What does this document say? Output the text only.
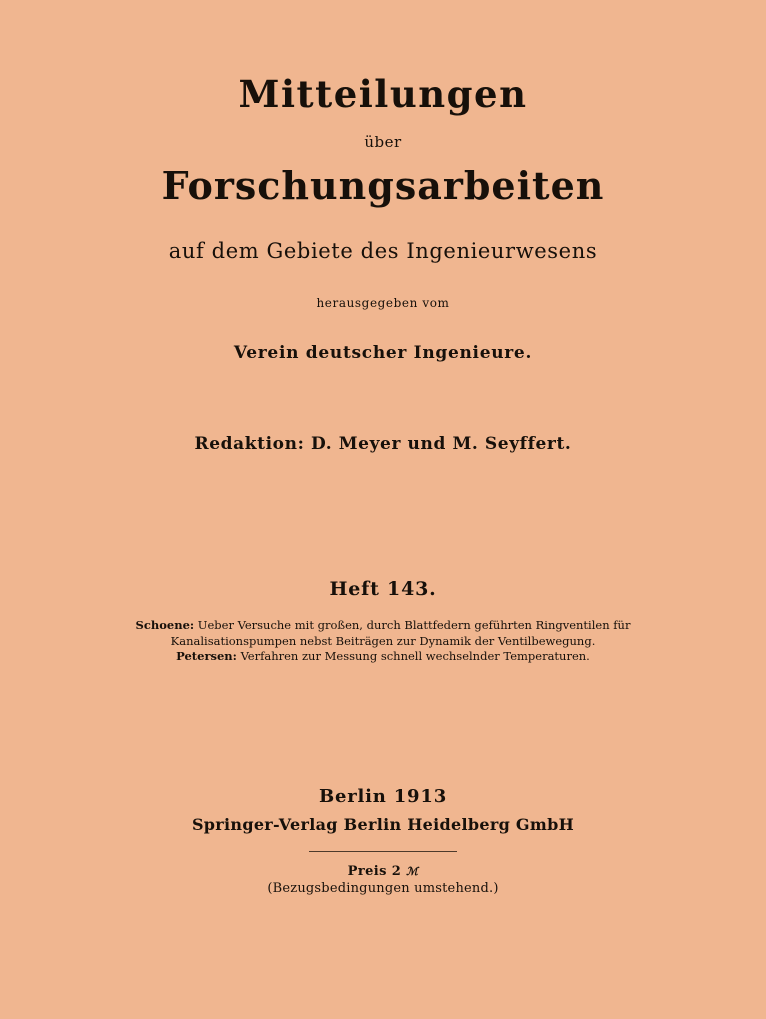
Mitteilungen
über
Forschungsarbeiten
auf dem Gebiete des Ingenieurwesens
herausgegeben vom
Verein deutscher Ingenieure.
Redaktion: D. Meyer und M. Seyffert.
Heft 143.

Schoene: Ueber Versuche mit großen, durch Blattfedern geführten Ringventilen für
Kanalisationspumpen nebst Beiträgen zur Dynamik der Ventilbewegung.

Petersen: Verfahren zur Messung schnell wechselnder Temperaturen.

Berlin 1913
Springer-Verlag Berlin Heidelberg GmbH
Preis 2 ℳ
(Bezugsbedingungen umstehend.)
